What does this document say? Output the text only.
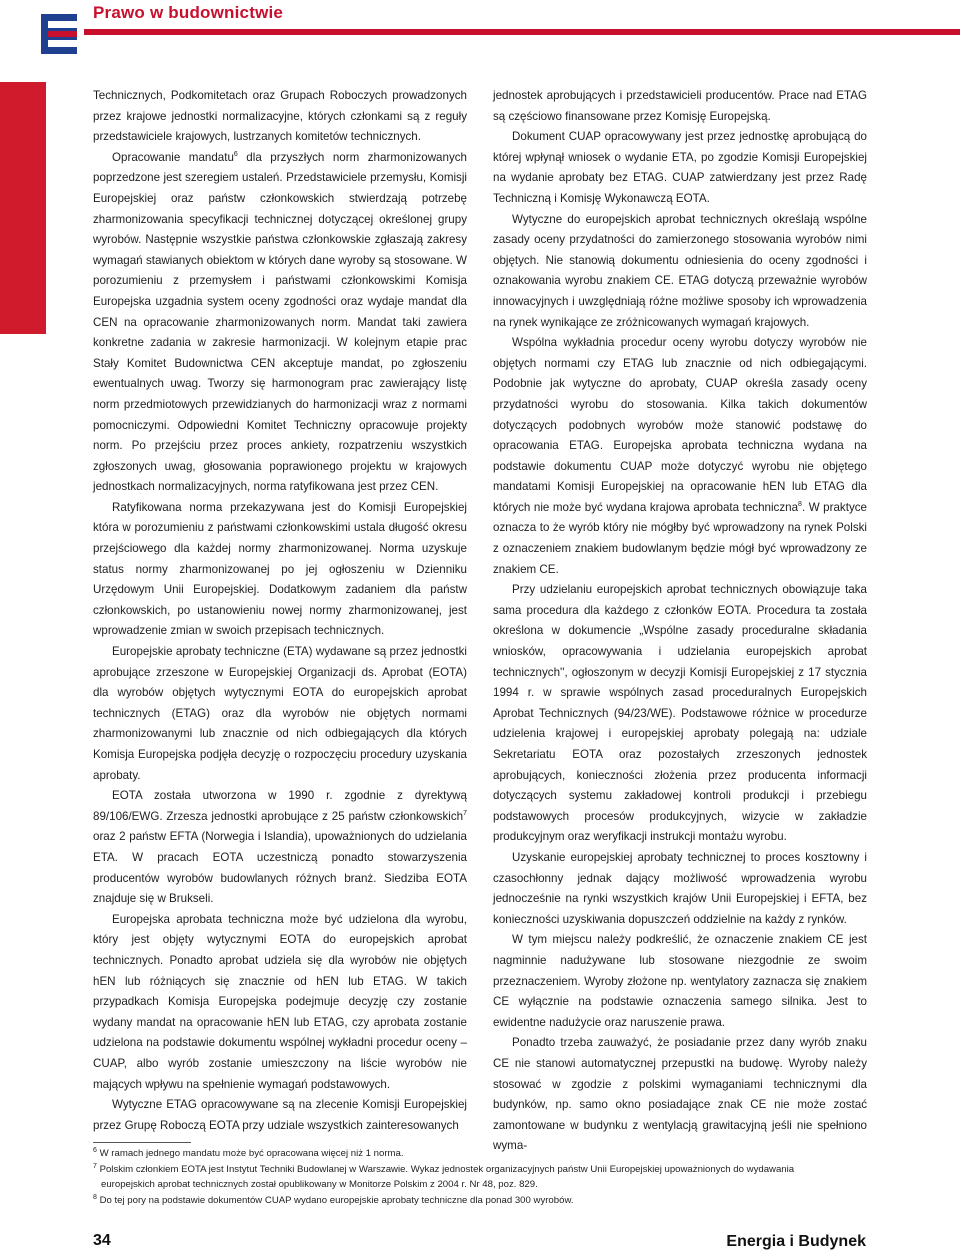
Prawo w budownictwie

Technicznych, Podkomitetach oraz Grupach Roboczych prowadzonych przez krajowe jednostki normalizacyjne, których członkami są z reguły przedstawiciele krajowych, lustrzanych komitetów technicznych.

Opracowanie mandatu$^6$ dla przyszłych norm zharmonizowanych poprzedzone jest szeregiem ustaleń. Przedstawiciele przemysłu, Komisji Europejskiej oraz państw członkowskich stwierdzają potrzebę zharmonizowania specyfikacji technicznej dotyczącej określonej grupy wyrobów. Następnie wszystkie państwa członkowskie zgłaszają zakresy wymagań stawianych obiektom w których dane wyroby są stosowane. W porozumieniu z przemysłem i państwami członkowskimi Komisja Europejska uzgadnia system oceny zgodności oraz wydaje mandat dla CEN na opracowanie zharmonizowanych norm. Mandat taki zawiera konkretne zadania w zakresie harmonizacji. W kolejnym etapie prac Stały Komitet Budownictwa CEN akceptuje mandat, po zgłoszeniu ewentualnych uwag. Tworzy się harmonogram prac zawierający listę norm przedmiotowych przewidzianych do harmonizacji wraz z normami pomocniczymi. Odpowiedni Komitet Techniczny opracowuje projekty norm. Po przejściu przez proces ankiety, rozpatrzeniu wszystkich zgłoszonych uwag, głosowania poprawionego projektu w krajowych jednostkach normalizacyjnych, norma ratyfikowana jest przez CEN.

Ratyfikowana norma przekazywana jest do Komisji Europejskiej która w porozumieniu z państwami członkowskimi ustala długość okresu przejściowego dla każdej normy zharmonizowanej. Norma uzyskuje status normy zharmonizowanej po jej ogłoszeniu w Dzienniku Urzędowym Unii Europejskiej. Dodatkowym zadaniem dla państw członkowskich, po ustanowieniu nowej normy zharmonizowanej, jest wprowadzenie zmian w swoich przepisach technicznych.

Europejskie aprobaty techniczne (ETA) wydawane są przez jednostki aprobujące zrzeszone w Europejskiej Organizacji ds. Aprobat (EOTA) dla wyrobów objętych wytycznymi EOTA do europejskich aprobat technicznych (ETAG) oraz dla wyrobów nie objętych normami zharmonizowanymi lub znacznie od nich odbiegających dla których Komisja Europejska podjęła decyzję o rozpoczęciu procedury uzyskania aprobaty.

EOTA została utworzona w 1990 r. zgodnie z dyrektywą 89/106/EWG. Zrzesza jednostki aprobujące z 25 państw członkowskich$^7$ oraz 2 państw EFTA (Norwegia i Islandia), upoważnionych do udzielania ETA. W pracach EOTA uczestniczą ponadto stowarzyszenia producentów wyrobów budowlanych różnych branż. Siedziba EOTA znajduje się w Brukseli.

Europejska aprobata techniczna może być udzielona dla wyrobu, który jest objęty wytycznymi EOTA do europejskich aprobat technicznych. Ponadto aprobat udziela się dla wyrobów nie objętych hEN lub różniących się znacznie od hEN lub ETAG. W takich przypadkach Komisja Europejska podejmuje decyzję czy zostanie wydany mandat na opracowanie hEN lub ETAG, czy aprobata zostanie udzielona na podstawie dokumentu wspólnej wykładni procedur oceny – CUAP, albo wyrób zostanie umieszczony na liście wyrobów nie mających wpływu na spełnienie wymagań podstawowych.

Wytyczne ETAG opracowywane są na zlecenie Komisji Europejskiej przez Grupę Roboczą EOTA przy udziale wszystkich zainteresowanych

jednostek aprobujących i przedstawicieli producentów. Prace nad ETAG są częściowo finansowane przez Komisję Europejską.

Dokument CUAP opracowywany jest przez jednostkę aprobującą do której wpłynął wniosek o wydanie ETA, po zgodzie Komisji Europejskiej na wydanie aprobaty bez ETAG. CUAP zatwierdzany jest przez Radę Techniczną i Komisję Wykonawczą EOTA.

Wytyczne do europejskich aprobat technicznych określają wspólne zasady oceny przydatności do zamierzonego stosowania wyrobów nimi objętych. Nie stanowią dokumentu odniesienia do oceny zgodności i oznakowania wyrobu znakiem CE. ETAG dotyczą przeważnie wyrobów innowacyjnych i uwzględniają różne możliwe sposoby ich wprowadzenia na rynek wynikające ze zróżnicowanych wymagań krajowych.

Wspólna wykładnia procedur oceny wyrobu dotyczy wyrobów nie objętych normami czy ETAG lub znacznie od nich odbiegającymi. Podobnie jak wytyczne do aprobaty, CUAP określa zasady oceny przydatności wyrobu do stosowania. Kilka takich dokumentów dotyczących podobnych wyrobów może stanowić podstawę do opracowania ETAG. Europejska aprobata techniczna wydana na podstawie dokumentu CUAP może dotyczyć wyrobu nie objętego mandatami Komisji Europejskiej na opracowanie hEN lub ETAG dla których nie może być wydana krajowa aprobata techniczna$^8$. W praktyce oznacza to że wyrób który nie mógłby być wprowadzony na rynek Polski z oznaczeniem znakiem budowlanym będzie mógł być wprowadzony ze znakiem CE.

Przy udzielaniu europejskich aprobat technicznych obowiązuje taka sama procedura dla każdego z członków EOTA. Procedura ta została określona w dokumencie „Wspólne zasady proceduralne składania wniosków, opracowywania i udzielania europejskich aprobat technicznych'', ogłoszonym w decyzji Komisji Europejskiej z 17 stycznia 1994 r. w sprawie wspólnych zasad proceduralnych Europejskich Aprobat Technicznych (94/23/WE). Podstawowe różnice w procedurze udzielenia krajowej i europejskiej aprobaty polegają na: udziale Sekretariatu EOTA oraz pozostałych zrzeszonych jednostek aprobujących, konieczności złożenia przez producenta informacji dotyczących systemu zakładowej kontroli produkcji i przebiegu podstawowych procesów produkcyjnych, wizycie w zakładzie produkcyjnym oraz weryfikacji instrukcji montażu wyrobu.

Uzyskanie europejskiej aprobaty technicznej to proces kosztowny i czasochłonny jednak dający możliwość wprowadzenia wyrobu jednocześnie na rynki wszystkich krajów Unii Europejskiej i EFTA, bez konieczności uzyskiwania dopuszczeń oddzielnie na każdy z rynków.

W tym miejscu należy podkreślić, że oznaczenie znakiem CE jest nagminnie nadużywane lub stosowane niezgodnie ze swoim przeznaczeniem. Wyroby złożone np. wentylatory zaznacza się znakiem CE wyłącznie na podstawie oznaczenia samego silnika. Jest to ewidentne nadużycie oraz naruszenie prawa.

Ponadto trzeba zauważyć, że posiadanie przez dany wyrób znaku CE nie stanowi automatycznej przepustki na budowę. Wyroby należy stosować w zgodzie z polskimi wymaganiami technicznymi dla budynków, np. samo okno posiadające znak CE nie może zostać zamontowane w budynku z wentylacją grawitacyjną jeśli nie spełniono wyma-

$^6$ W ramach jednego mandatu może być opracowana więcej niż 1 norma.
$^7$ Polskim członkiem EOTA jest Instytut Techniki Budowlanej w Warszawie. Wykaz jednostek organizacyjnych państw Unii Europejskiej upoważnionych do wydawania
europejskich aprobat technicznych został opublikowany w Monitorze Polskim z 2004 r. Nr 48, poz. 829.
$^8$ Do tej pory na podstawie dokumentów CUAP wydano europejskie aprobaty techniczne dla ponad 300 wyrobów.
34	Energia i Budynek
